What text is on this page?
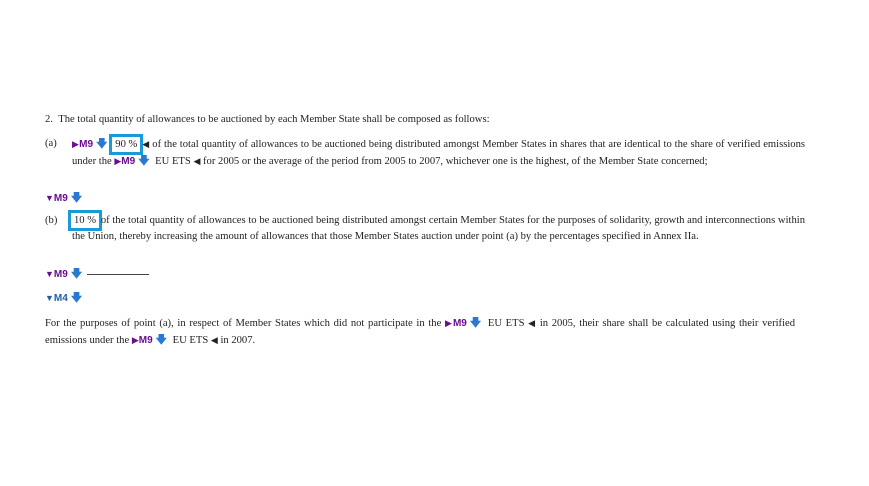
2.  The total quantity of allowances to be auctioned by each Member State shall be composed as follows:

(a) ▶M9 🡇 90 % ◀ of the total quantity of allowances to be auctioned being distributed amongst Member States in shares that are identical to the share of verified emissions under the ▶M9 🡇 EU ETS ◀ for 2005 or the average of the period from 2005 to 2007, whichever one is the highest, of the Member State concerned;
▼M9 🡇
(b) 10 % of the total quantity of allowances to be auctioned being distributed amongst certain Member States for the purposes of solidarity, growth and interconnections within the Union, thereby increasing the amount of allowances that those Member States auction under point (a) by the percentages specified in Annex IIa.
▼M9 🡇
▼M4 🡇

For the purposes of point (a), in respect of Member States which did not participate in the ▶M9 🡇 EU ETS ◀ in 2005, their share shall be calculated using their verified emissions under the ▶M9 🡇 EU ETS ◀ in 2007.
